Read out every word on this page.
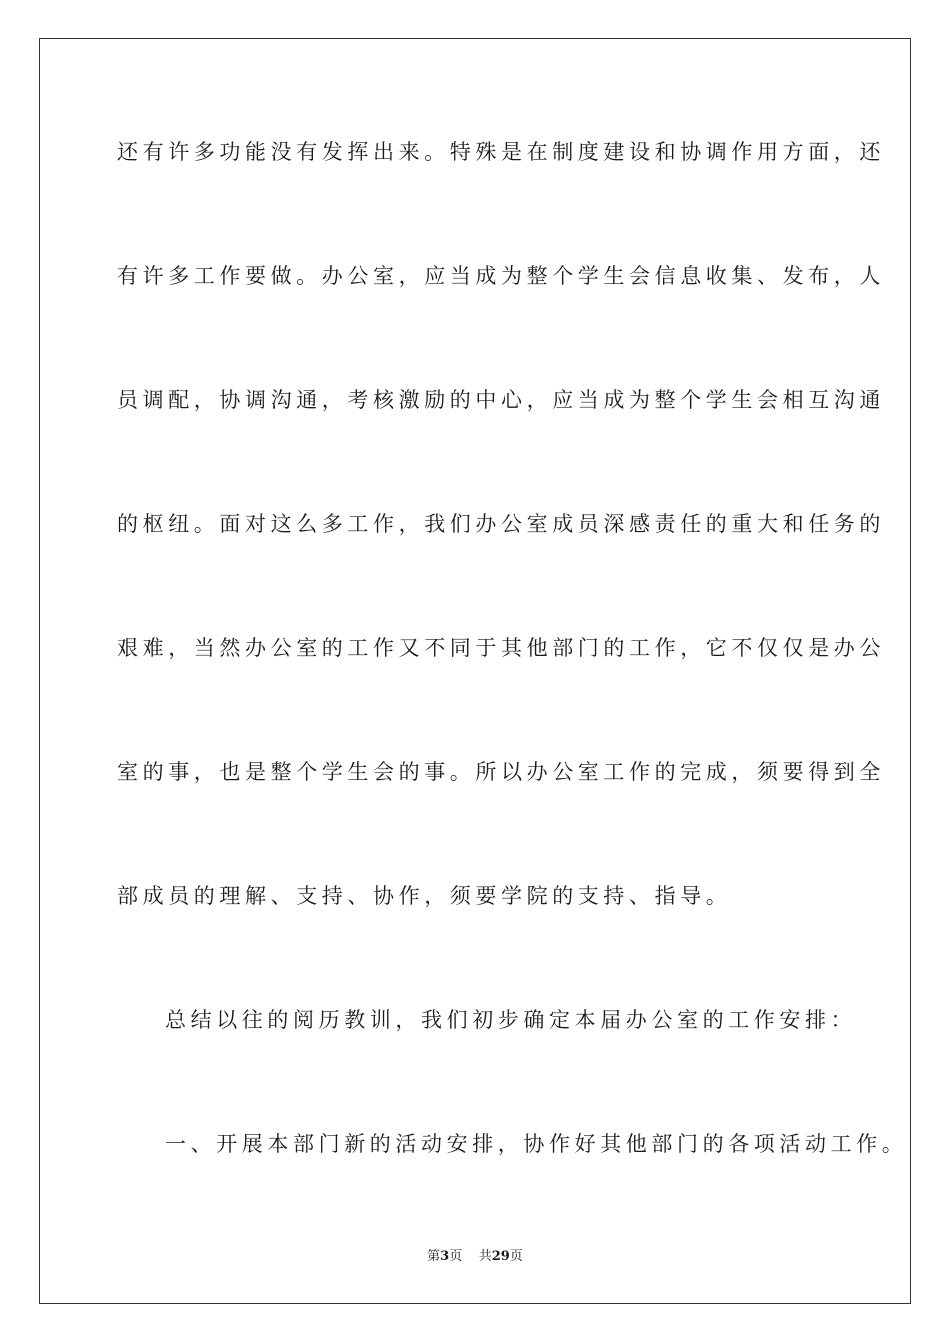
还有许多功能没有发挥出来。特殊是在制度建设和协调作用方面，还
有许多工作要做。办公室，应当成为整个学生会信息收集、发布，人
员调配，协调沟通，考核激励的中心，应当成为整个学生会相互沟通
的枢纽。面对这么多工作，我们办公室成员深感责任的重大和任务的
艰难，当然办公室的工作又不同于其他部门的工作，它不仅仅是办公
室的事，也是整个学生会的事。所以办公室工作的完成，须要得到全
部成员的理解、支持、协作，须要学院的支持、指导。
总结以往的阅历教训，我们初步确定本届办公室的工作安排：
一、开展本部门新的活动安排，协作好其他部门的各项活动工作。
第3页 共29页
